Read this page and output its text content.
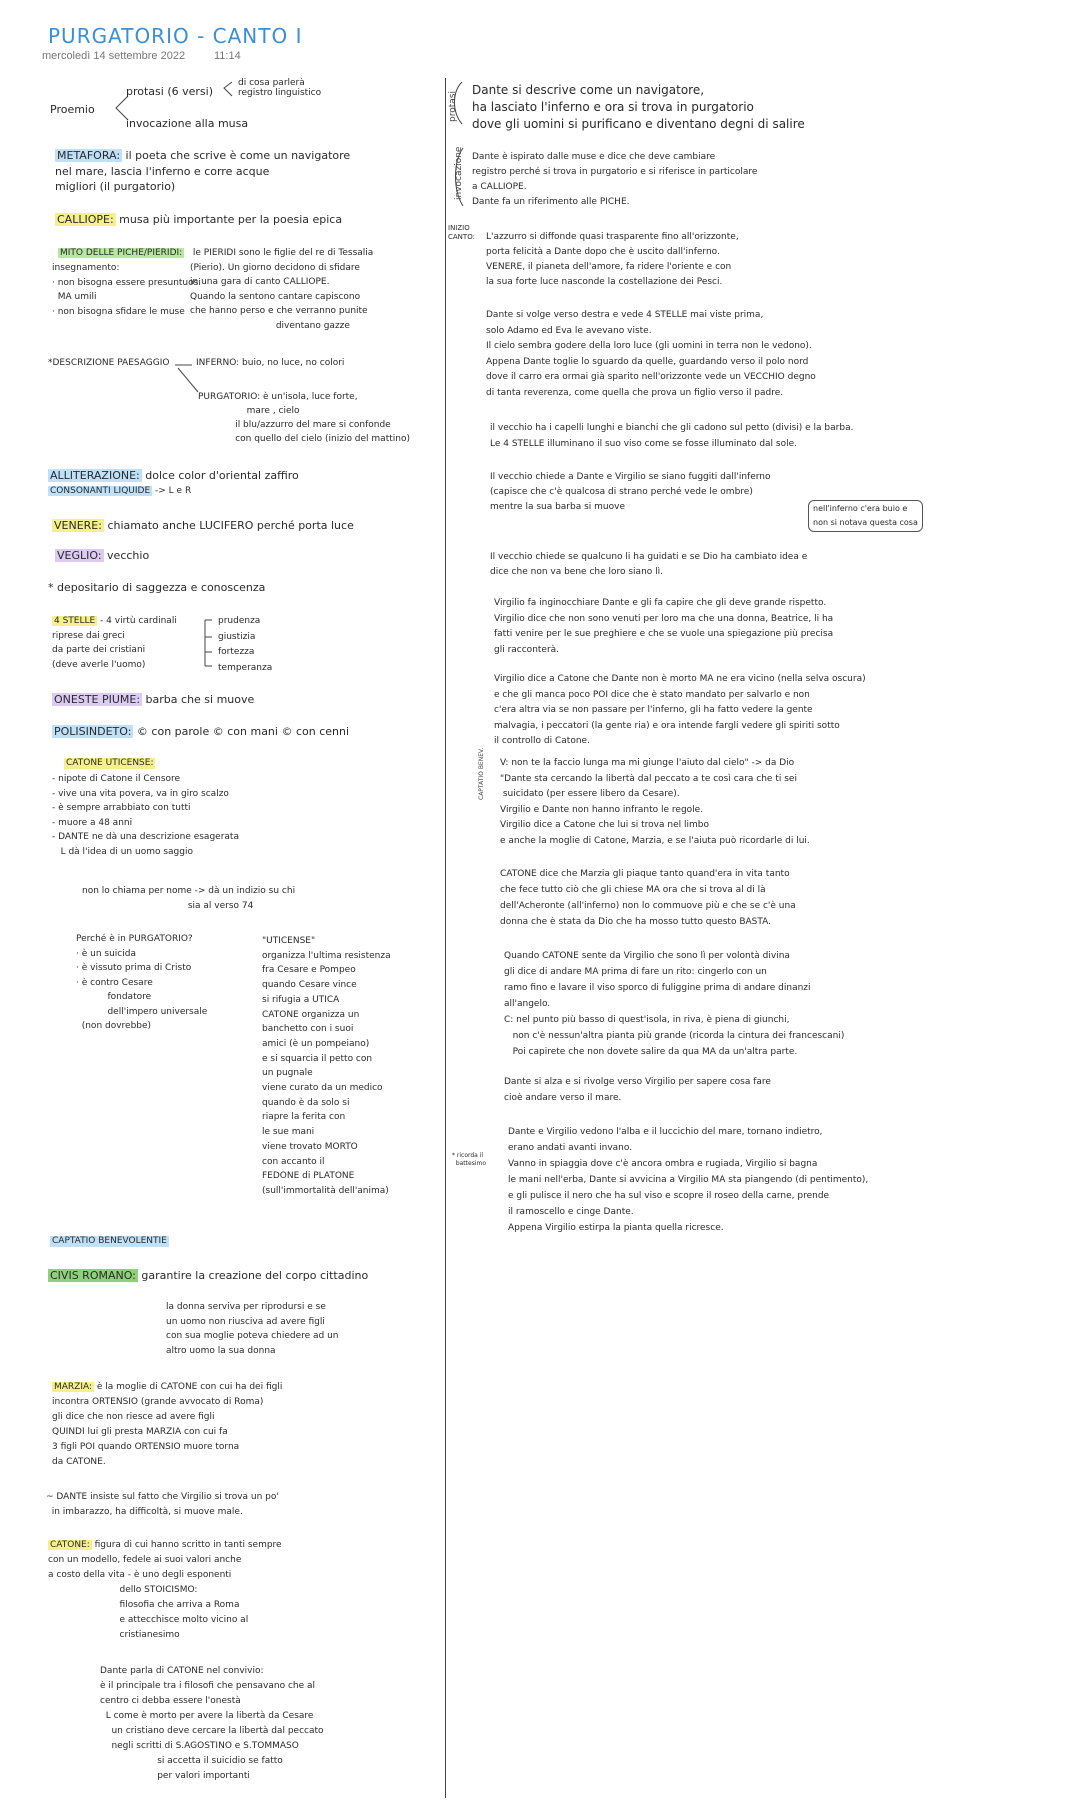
PURGATORIO - CANTO I
mercoledì 14 settembre 2022	11:14
Proemio
protasi (6 versi)
di cosa parlerà
registro linguistico
invocazione alla musa
METAFORA: il poeta che scrive è come un navigatore
nel mare, lascia l'inferno e corre acque
migliori (il purgatorio)
CALLIOPE: musa più importante per la poesia epica
MITO DELLE PICHE/PIERIDI:	le PIERIDI sono le figlie del re di Tessalia
(Pierio). Un giorno decidono di sfidare
in una gara di canto CALLIOPE.
Quando la sentono cantare capiscono
che hanno perso e che verranno punite
diventano gazze
insegnamento:
· non bisogna essere presuntuosi
MA umili
· non bisogna sfidare le muse
*DESCRIZIONE PAESAGGIO	INFERNO: buio, no luce, no colori
PURGATORIO: è un'isola, luce forte,
mare , cielo
il blu/azzurro del mare si confonde
con quello del cielo (inizio del mattino)
ALLITERAZIONE: dolce color d'oriental zaffiro
CONSONANTI LIQUIDE -> L e R
VENERE: chiamato anche LUCIFERO perché porta luce
VEGLIO: vecchio
* depositario di saggezza e conoscenza
4 STELLE - 4 virtù cardinali
riprese dai greci
da parte dei cristiani
(deve averle l'uomo)
prudenza
giustizia
fortezza
temperanza
ONESTE PIUME: barba che si muove
POLISINDETO: © con parole © con mani © con cenni
CATONE UTICENSE:
- nipote di Catone il Censore
- vive una vita povera, va in giro scalzo
- è sempre arrabbiato con tutti
- muore a 48 anni
- DANTE ne dà una descrizione esagerata
L dà l'idea di un uomo saggio
non lo chiama per nome -> dà un indizio su chi
sia al verso 74
Perché è in PURGATORIO?
· è un suicida
· è vissuto prima di Cristo
· è contro Cesare
fondatore
dell'impero universale
(non dovrebbe)
"UTICENSE"
organizza l'ultima resistenza
fra Cesare e Pompeo
quando Cesare vince
si rifugia a UTICA
CATONE organizza un
banchetto con i suoi
amici (è un pompeiano)
e si squarcia il petto con
un pugnale
viene curato da un medico
quando è da solo si
riapre la ferita con
le sue mani
viene trovato MORTO
con accanto il
FEDONE di PLATONE
(sull'immortalità dell'anima)
CAPTATIO BENEVOLENTIE
CIVIS ROMANO: garantire la creazione del corpo cittadino
la donna serviva per riprodursi e se
un uomo non riusciva ad avere figli
con sua moglie poteva chiedere ad un
altro uomo la sua donna
MARZIA: è la moglie di CATONE con cui ha dei figli
incontra ORTENSIO (grande avvocato di Roma)
gli dice che non riesce ad avere figli
QUINDI lui gli presta MARZIA con cui fa
3 figli POI quando ORTENSIO muore torna
da CATONE.
~ DANTE insiste sul fatto che Virgilio si trova un po'
in imbarazzo, ha difficoltà, si muove male.
CATONE: figura di cui hanno scritto in tanti sempre
con un modello, fedele ai suoi valori anche
a costo della vita - è uno degli esponenti
dello STOICISMO:
filosofia che arriva a Roma
e attecchisce molto vicino al
cristianesimo
Dante parla di CATONE nel convivio:
è il principale tra i filosofi che pensavano che al
centro ci debba essere l'onestà
L come è morto per avere la libertà da Cesare
un cristiano deve cercare la libertà dal peccato
negli scritti di S.AGOSTINO e S.TOMMASO
si accetta il suicidio se fatto
per valori importanti
protasi
Dante si descrive come un navigatore,
ha lasciato l'inferno e ora si trova in purgatorio
dove gli uomini si purificano e diventano degni di salire
invocazione Dante è ispirato dalle muse e dice che deve cambiare
registro perché si trova in purgatorio e si riferisce in particolare
a CALLIOPE.
Dante fa un riferimento alle PICHE.
INIZIO
CANTO: L'azzurro si diffonde quasi trasparente fino all'orizzonte,
porta felicità a Dante dopo che è uscito dall'inferno.
VENERE, il pianeta dell'amore, fa ridere l'oriente e con
la sua forte luce nasconde la costellazione dei Pesci.
Dante si volge verso destra e vede 4 STELLE mai viste prima,
solo Adamo ed Eva le avevano viste.
Il cielo sembra godere della loro luce (gli uomini in terra non le vedono).
Appena Dante toglie lo sguardo da quelle, guardando verso il polo nord
dove il carro era ormai già sparito nell'orizzonte vede un VECCHIO degno
di tanta reverenza, come quella che prova un figlio verso il padre.
il vecchio ha i capelli lunghi e bianchi che gli cadono sul petto (divisi) e la barba.
Le 4 STELLE illuminano il suo viso come se fosse illuminato dal sole.
Il vecchio chiede a Dante e Virgilio se siano fuggiti dall'inferno
(capisce che c'è qualcosa di strano perché vede le ombre)
mentre la sua barba si muove	nell'inferno c'era buio e
non si notava questa cosa
Il vecchio chiede se qualcuno li ha guidati e se Dio ha cambiato idea e
dice che non va bene che loro siano lì.
Virgilio fa inginocchiare Dante e gli fa capire che gli deve grande rispetto.
Virgilio dice che non sono venuti per loro ma che una donna, Beatrice, li ha
fatti venire per le sue preghiere e che se vuole una spiegazione più precisa
gli racconterà.
Virgilio dice a Catone che Dante non è morto MA ne era vicino (nella selva oscura)
e che gli manca poco POI dice che è stato mandato per salvarlo e non
c'era altra via se non passare per l'inferno, gli ha fatto vedere la gente
malvagia, i peccatori (la gente ria) e ora intende fargli vedere gli spiriti sotto
il controllo di Catone.
CAPTATIO BENEV. V: non te la faccio lunga ma mi giunge l'aiuto dal cielo" -> da Dio
"Dante sta cercando la libertà dal peccato a te così cara che ti sei
suicidato (per essere libero da Cesare).
Virgilio e Dante non hanno infranto le regole.
Virgilio dice a Catone che lui si trova nel limbo
e anche la moglie di Catone, Marzia, e se l'aiuta può ricordarle di lui.
CATONE dice che Marzia gli piaque tanto quand'era in vita tanto
che fece tutto ciò che gli chiese MA ora che si trova al di là
dell'Acheronte (all'inferno) non lo commuove più e che se c'è una
donna che è stata da Dio che ha mosso tutto questo BASTA.
Quando CATONE sente da Virgilio che sono lì per volontà divina
gli dice di andare MA prima di fare un rito: cingerlo con un
ramo fino e lavare il viso sporco di fuliggine prima di andare dinanzi
all'angelo.
C: nel punto più basso di quest'isola, in riva, è piena di giunchi,
non c'è nessun'altra pianta più grande (ricorda la cintura dei francescani)
Poi capirete che non dovete salire da qua MA da un'altra parte.
Dante si alza e si rivolge verso Virgilio per sapere cosa fare
cioè andare verso il mare.
* ricorda il
battesimo
Dante e Virgilio vedono l'alba e il luccichio del mare, tornano indietro,
erano andati avanti invano.
Vanno in spiaggia dove c'è ancora ombra e rugiada, Virgilio si bagna
le mani nell'erba, Dante si avvicina a Virgilio MA sta piangendo (di pentimento),
e gli pulisce il nero che ha sul viso e scopre il roseo della carne, prende
il ramoscello e cinge Dante.
Appena Virgilio estirpa la pianta quella ricresce.
